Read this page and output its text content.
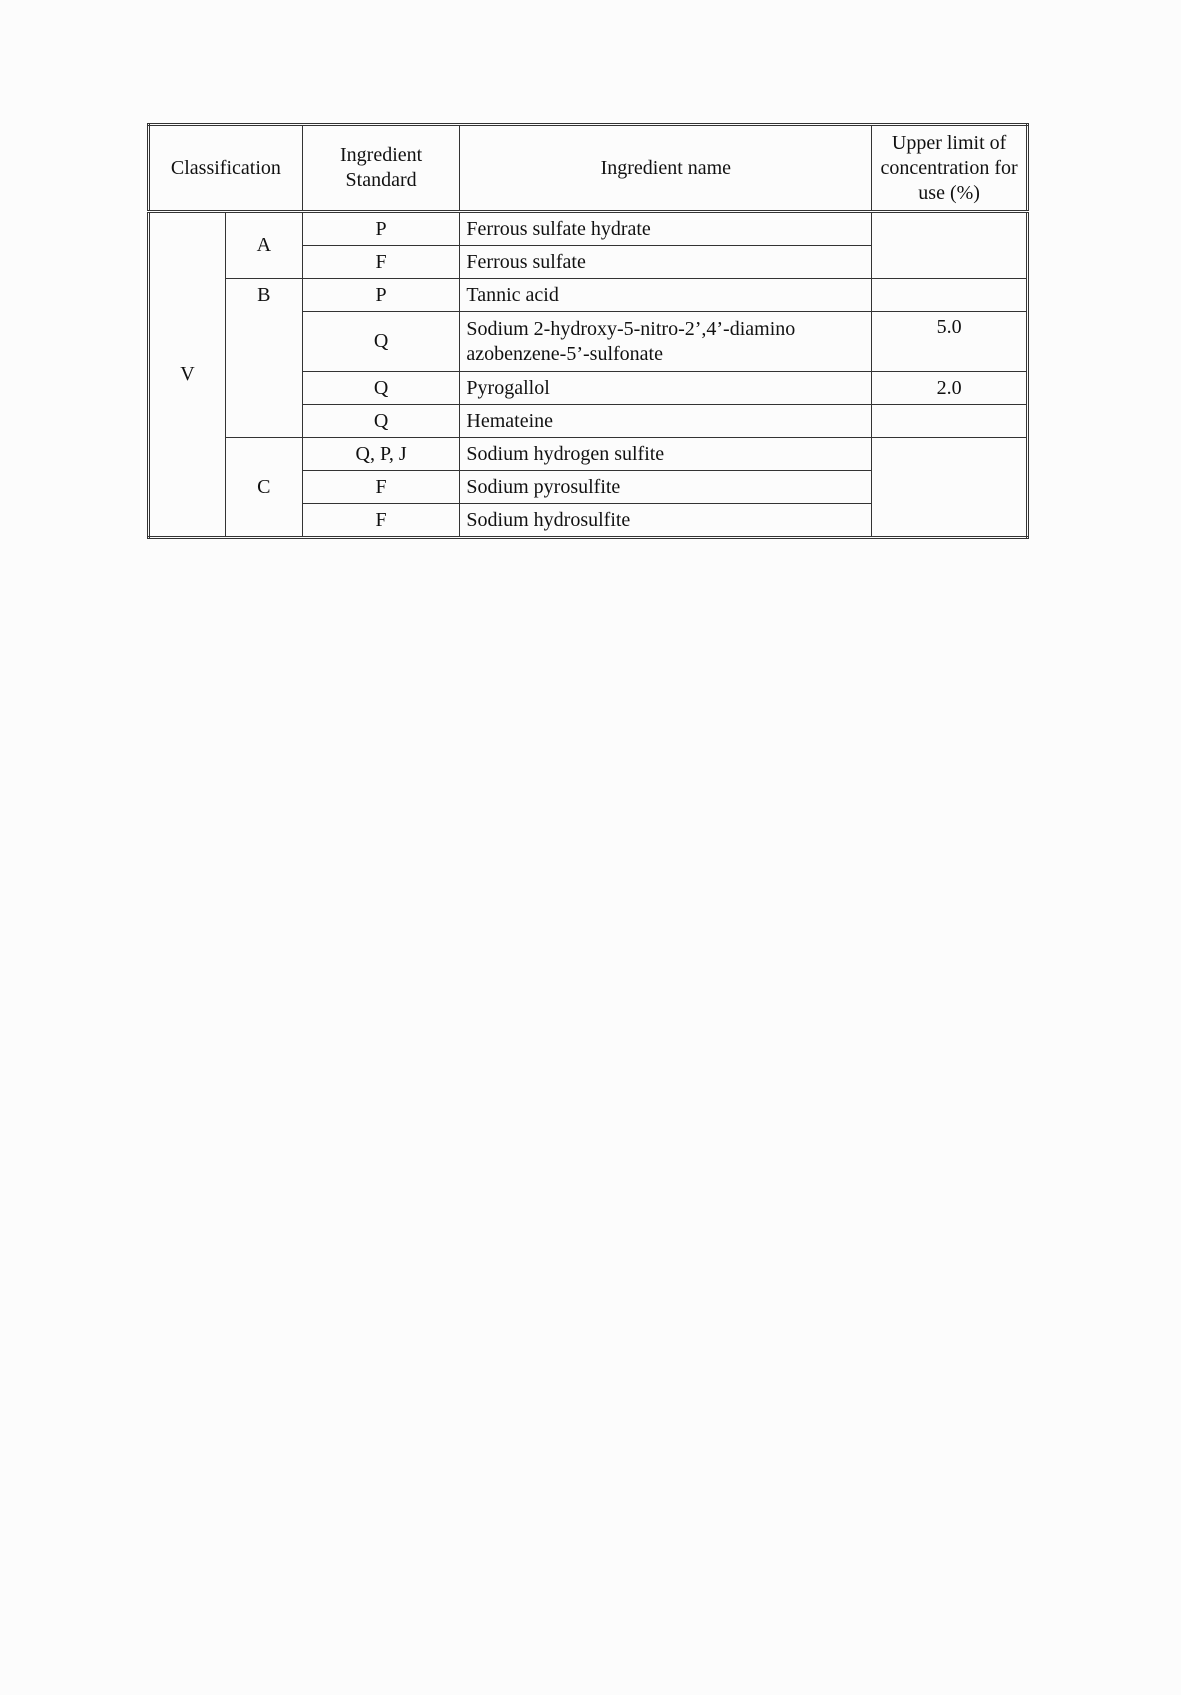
Classification		Ingredient Standard	Ingredient name	Upper limit of concentration for use (%)
V	A	P	Ferrous sulfate hydrate	
		F	Ferrous sulfate	
	B	P	Tannic acid	
		Q	Sodium 2-hydroxy-5-nitro-2’,4’-diamino azobenzene-5’-sulfonate	5.0
		Q	Pyrogallol	2.0
		Q	Hemateine	
	C	Q, P, J	Sodium hydrogen sulfite	
		F	Sodium pyrosulfite	
		F	Sodium hydrosulfite	
